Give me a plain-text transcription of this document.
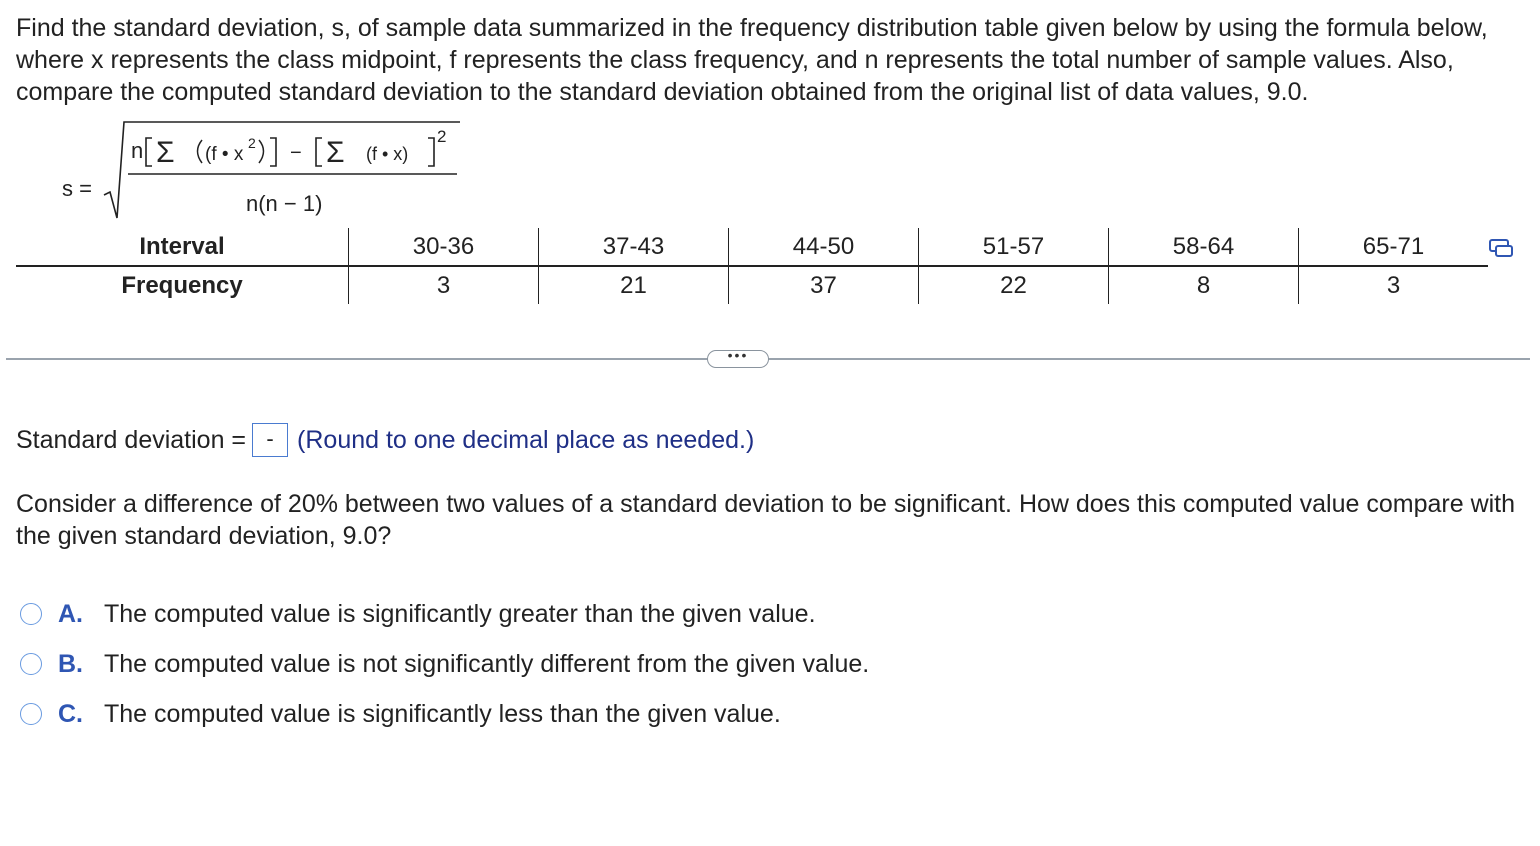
Find the standard deviation, s, of sample data summarized in the frequency distribution table given below by using the formula below, where x represents the class midpoint, f represents the class frequency, and n represents the total number of sample values. Also, compare the computed standard deviation to the standard deviation obtained from the original list of data values, 9.0.

s =
n Σ (f • x
2 − Σ (f • x)
2
n(n − 1)
Interval	30-36	37-43	44-50	51-57	58-64	65-71
Frequency	3	21	37	22	8	3
•••
Standard deviation = - (Round to one decimal place as needed.)

Consider a difference of 20% between two values of a standard deviation to be significant. How does this computed value compare with the given standard deviation, 9.0?

A. The computed value is significantly greater than the given value.
B. The computed value is not significantly different from the given value.
C. The computed value is significantly less than the given value.
